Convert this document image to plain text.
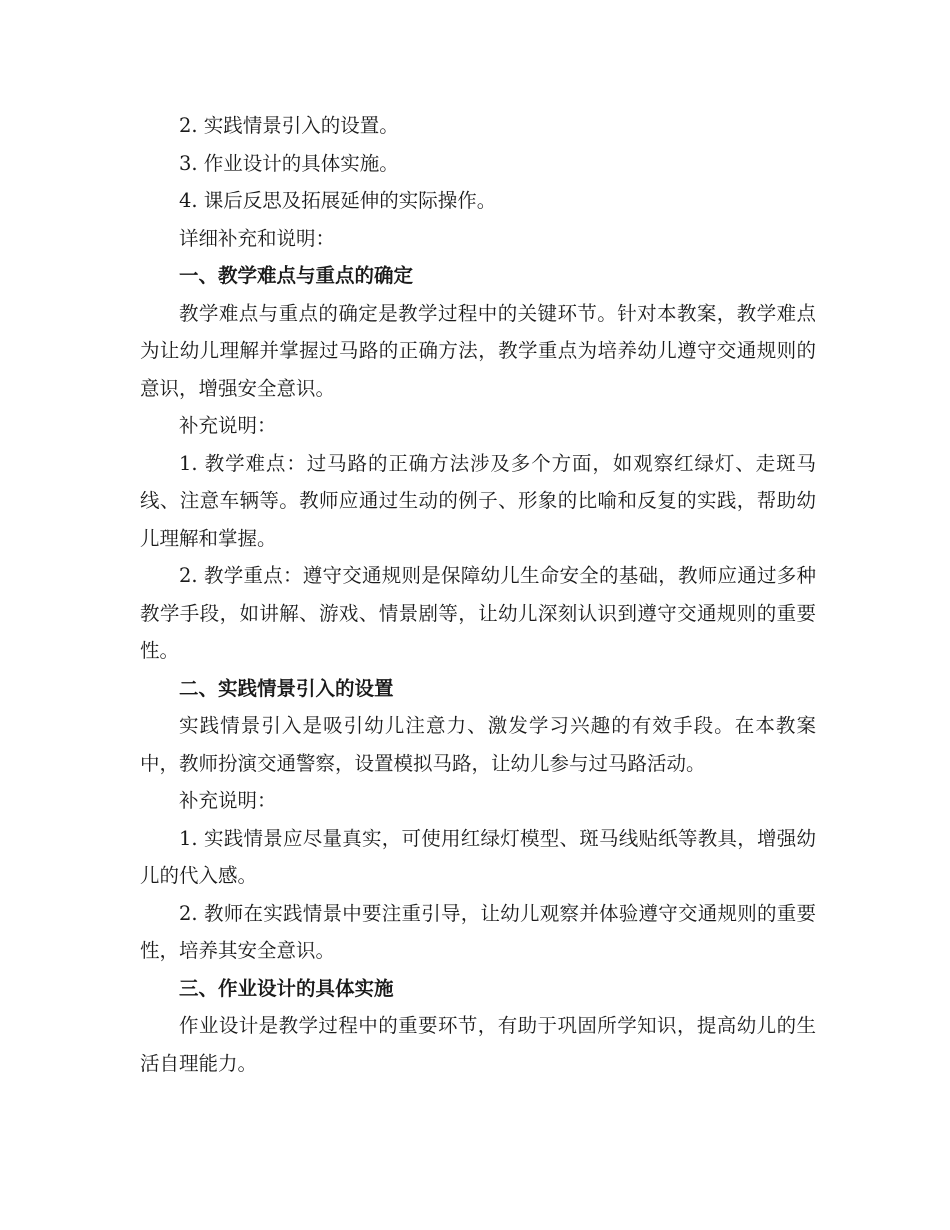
2. 实践情景引入的设置。

3. 作业设计的具体实施。

4. 课后反思及拓展延伸的实际操作。

详细补充和说明：

一、教学难点与重点的确定

教学难点与重点的确定是教学过程中的关键环节。针对本教案，教学难点为让幼儿理解并掌握过马路的正确方法，教学重点为培养幼儿遵守交通规则的意识，增强安全意识。

补充说明：

1. 教学难点：过马路的正确方法涉及多个方面，如观察红绿灯、走斑马线、注意车辆等。教师应通过生动的例子、形象的比喻和反复的实践，帮助幼儿理解和掌握。

2. 教学重点：遵守交通规则是保障幼儿生命安全的基础，教师应通过多种教学手段，如讲解、游戏、情景剧等，让幼儿深刻认识到遵守交通规则的重要性。

二、实践情景引入的设置

实践情景引入是吸引幼儿注意力、激发学习兴趣的有效手段。在本教案中，教师扮演交通警察，设置模拟马路，让幼儿参与过马路活动。

补充说明：

1. 实践情景应尽量真实，可使用红绿灯模型、斑马线贴纸等教具，增强幼儿的代入感。

2. 教师在实践情景中要注重引导，让幼儿观察并体验遵守交通规则的重要性，培养其安全意识。

三、作业设计的具体实施

作业设计是教学过程中的重要环节，有助于巩固所学知识，提高幼儿的生活自理能力。
